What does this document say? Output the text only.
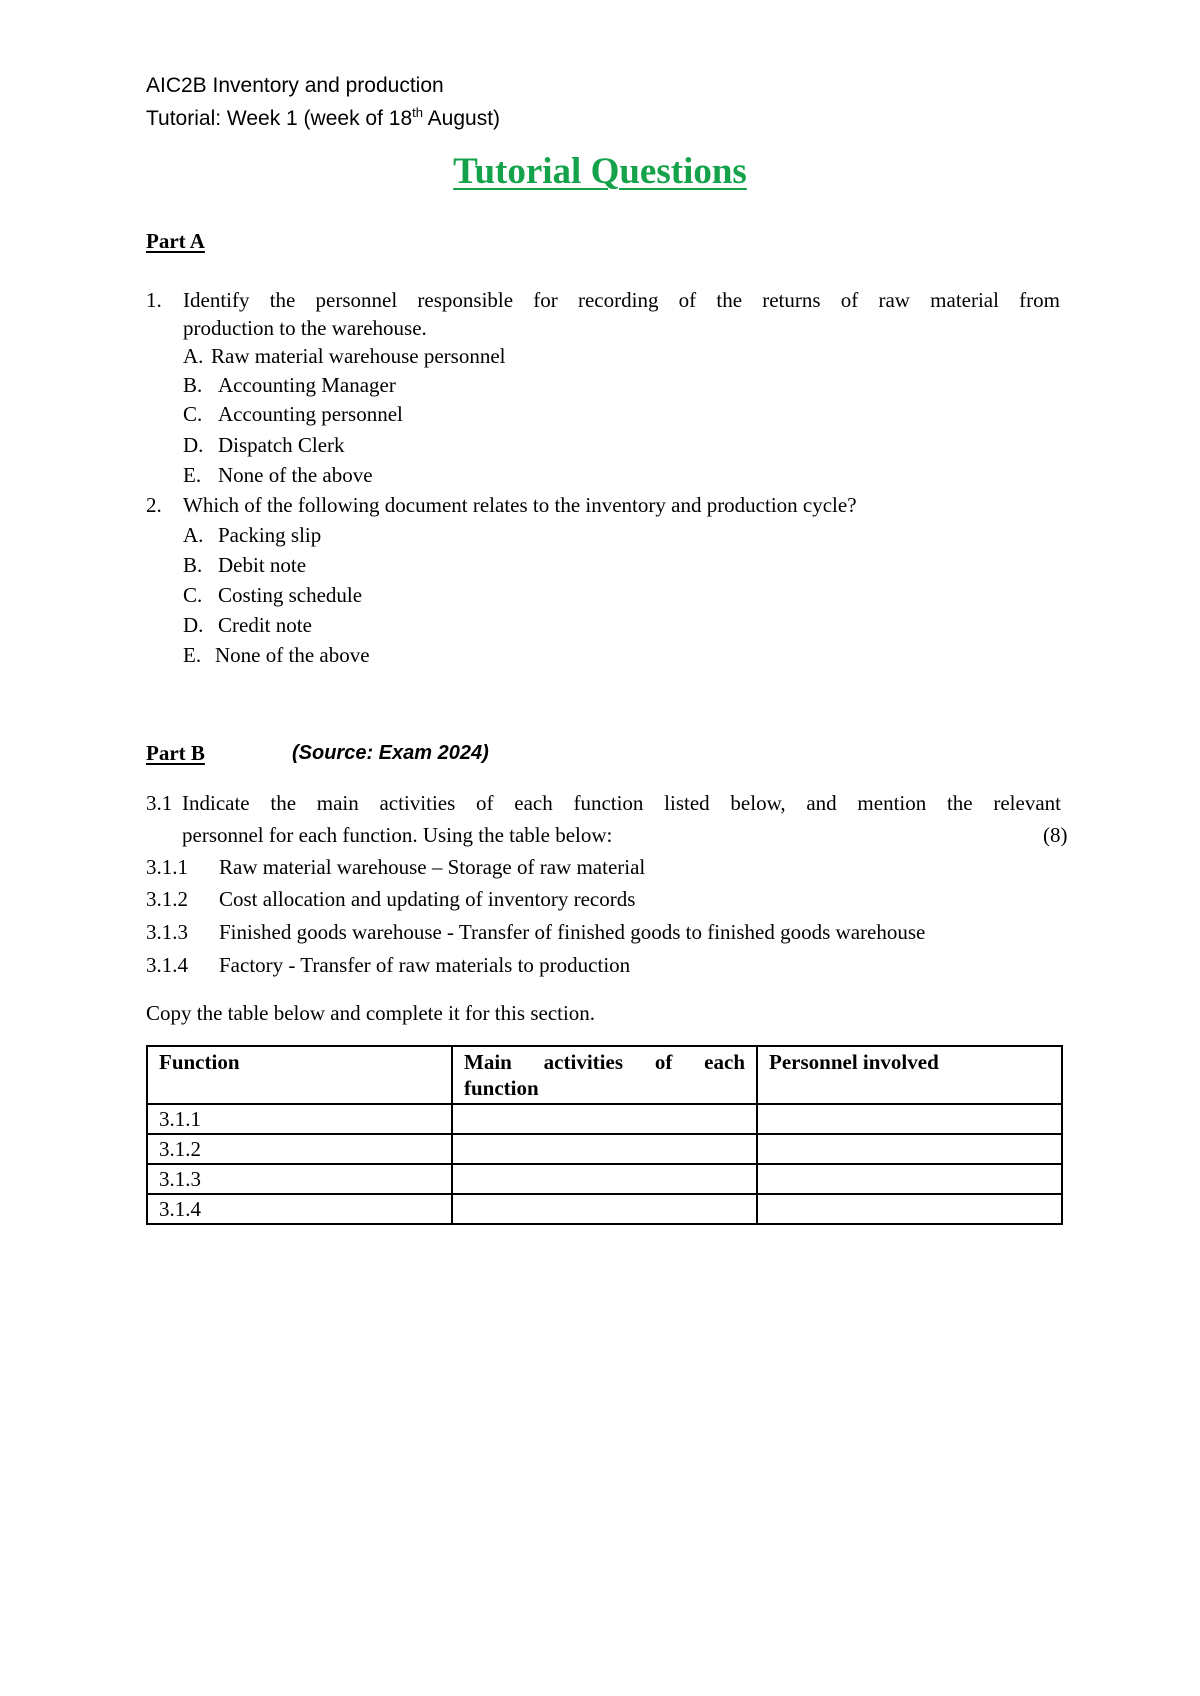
AIC2B Inventory and production
Tutorial: Week 1 (week of 18th August)
Tutorial Questions
Part A
1. Identify the personnel responsible for recording of the returns of raw material from
production to the warehouse.
A. Raw material warehouse personnel
B. Accounting Manager
C. Accounting personnel
D. Dispatch Clerk
E. None of the above
2. Which of the following document relates to the inventory and production cycle?
A. Packing slip
B. Debit note
C. Costing schedule
D. Credit note
E. None of the above
Part B	(Source: Exam 2024)
3.1 Indicate the main activities of each function listed below, and mention the relevant
personnel for each function. Using the table below:	(8)
3.1.1 Raw material warehouse – Storage of raw material
3.1.2 Cost allocation and updating of inventory records
3.1.3 Finished goods warehouse - Transfer of finished goods to finished goods warehouse
3.1.4 Factory - Transfer of raw materials to production
Copy the table below and complete it for this section.
Function	Main activities of each function	Personnel involved
3.1.1		
3.1.2		
3.1.3		
3.1.4		
